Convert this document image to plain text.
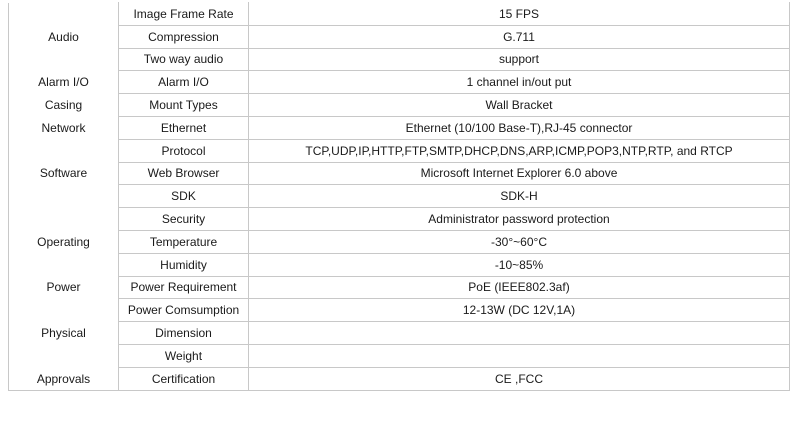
	Image Frame Rate	15 FPS
Audio	Compression	G.711
	Two way audio	support
Alarm I/O	Alarm I/O	1 channel in/out put
Casing	Mount Types	Wall Bracket
Network	Ethernet	Ethernet (10/100 Base-T),RJ-45 connector
	Protocol	TCP,UDP,IP,HTTP,FTP,SMTP,DHCP,DNS,ARP,ICMP,POP3,NTP,RTP, and RTCP
Software	Web Browser	Microsoft Internet Explorer 6.0 above
	SDK	SDK-H
	Security	Administrator password protection
Operating	Temperature	-30°~60°C
	Humidity	-10~85%
Power	Power Requirement	PoE (IEEE802.3af)
	Power Comsumption	12-13W (DC 12V,1A)
Physical	Dimension	
	Weight	
Approvals	Certification	CE ,FCC
